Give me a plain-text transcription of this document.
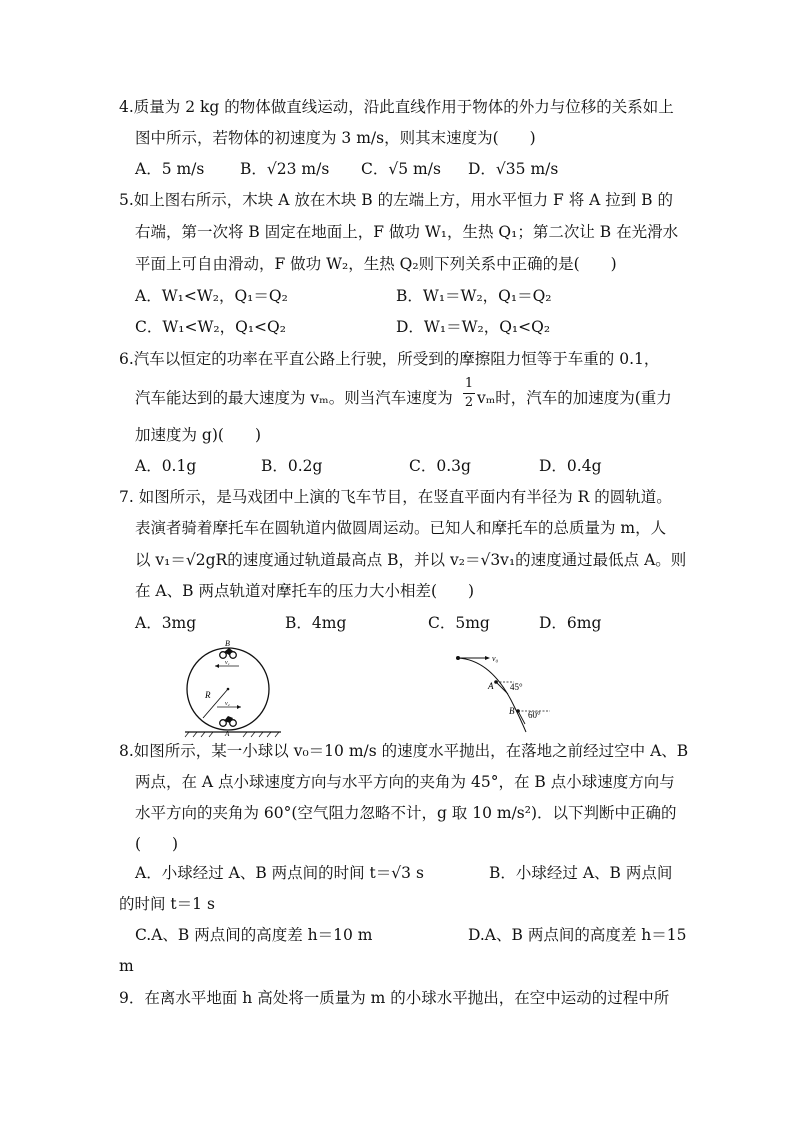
4.质量为 2 kg 的物体做直线运动，沿此直线作用于物体的外力与位移的关系如上
图中所示，若物体的初速度为 3 m/s，则其末速度为(　　)
A．5 m/s B．√23 m/s C．√5 m/s D．√35 m/s
5.如上图右所示，木块 A 放在木块 B 的左端上方，用水平恒力 F 将 A 拉到 B 的
右端，第一次将 B 固定在地面上，F 做功 W₁，生热 Q₁；第二次让 B 在光滑水
平面上可自由滑动，F 做功 W₂，生热 Q₂则下列关系中正确的是(　　)
A．W₁<W₂，Q₁＝Q₂	B．W₁＝W₂，Q₁＝Q₂
C．W₁<W₂，Q₁<Q₂	D．W₁＝W₂，Q₁<Q₂
6.汽车以恒定的功率在平直公路上行驶，所受到的摩擦阻力恒等于车重的 0.1，
汽车能达到的最大速度为 vₘ。则当汽车速度为
1
2 vₘ时，汽车的加速度为(重力
加速度为 g)(　　)
A．0.1g	B．0.2g	C．0.3g	D．0.4g
7. 如图所示，是马戏团中上演的飞车节目，在竖直平面内有半径为 R 的圆轨道。
表演者骑着摩托车在圆轨道内做圆周运动。已知人和摩托车的总质量为 m，人
以 v₁＝√2gR的速度通过轨道最高点 B，并以 v₂＝√3v₁的速度通过最低点 A。则
在 A、B 两点轨道对摩托车的压力大小相差(　　)
A．3mg	B．4mg	C．5mg	D．6mg
R
B
v₁
v₂
A
v₀
A 45°
B 60°
8.如图所示，某一小球以 v₀＝10 m/s 的速度水平抛出，在落地之前经过空中 A、B
两点，在 A 点小球速度方向与水平方向的夹角为 45°，在 B 点小球速度方向与
水平方向的夹角为 60°(空气阻力忽略不计，g 取 10 m/s²)．以下判断中正确的
(　　)
A．小球经过 A、B 两点间的时间 t＝√3 s	B．小球经过 A、B 两点间
的时间 t＝1 s
C.A、B 两点间的高度差 h＝10 m	D.A、B 两点间的高度差 h＝15
m
9．在离水平地面 h 高处将一质量为 m 的小球水平抛出，在空中运动的过程中所
